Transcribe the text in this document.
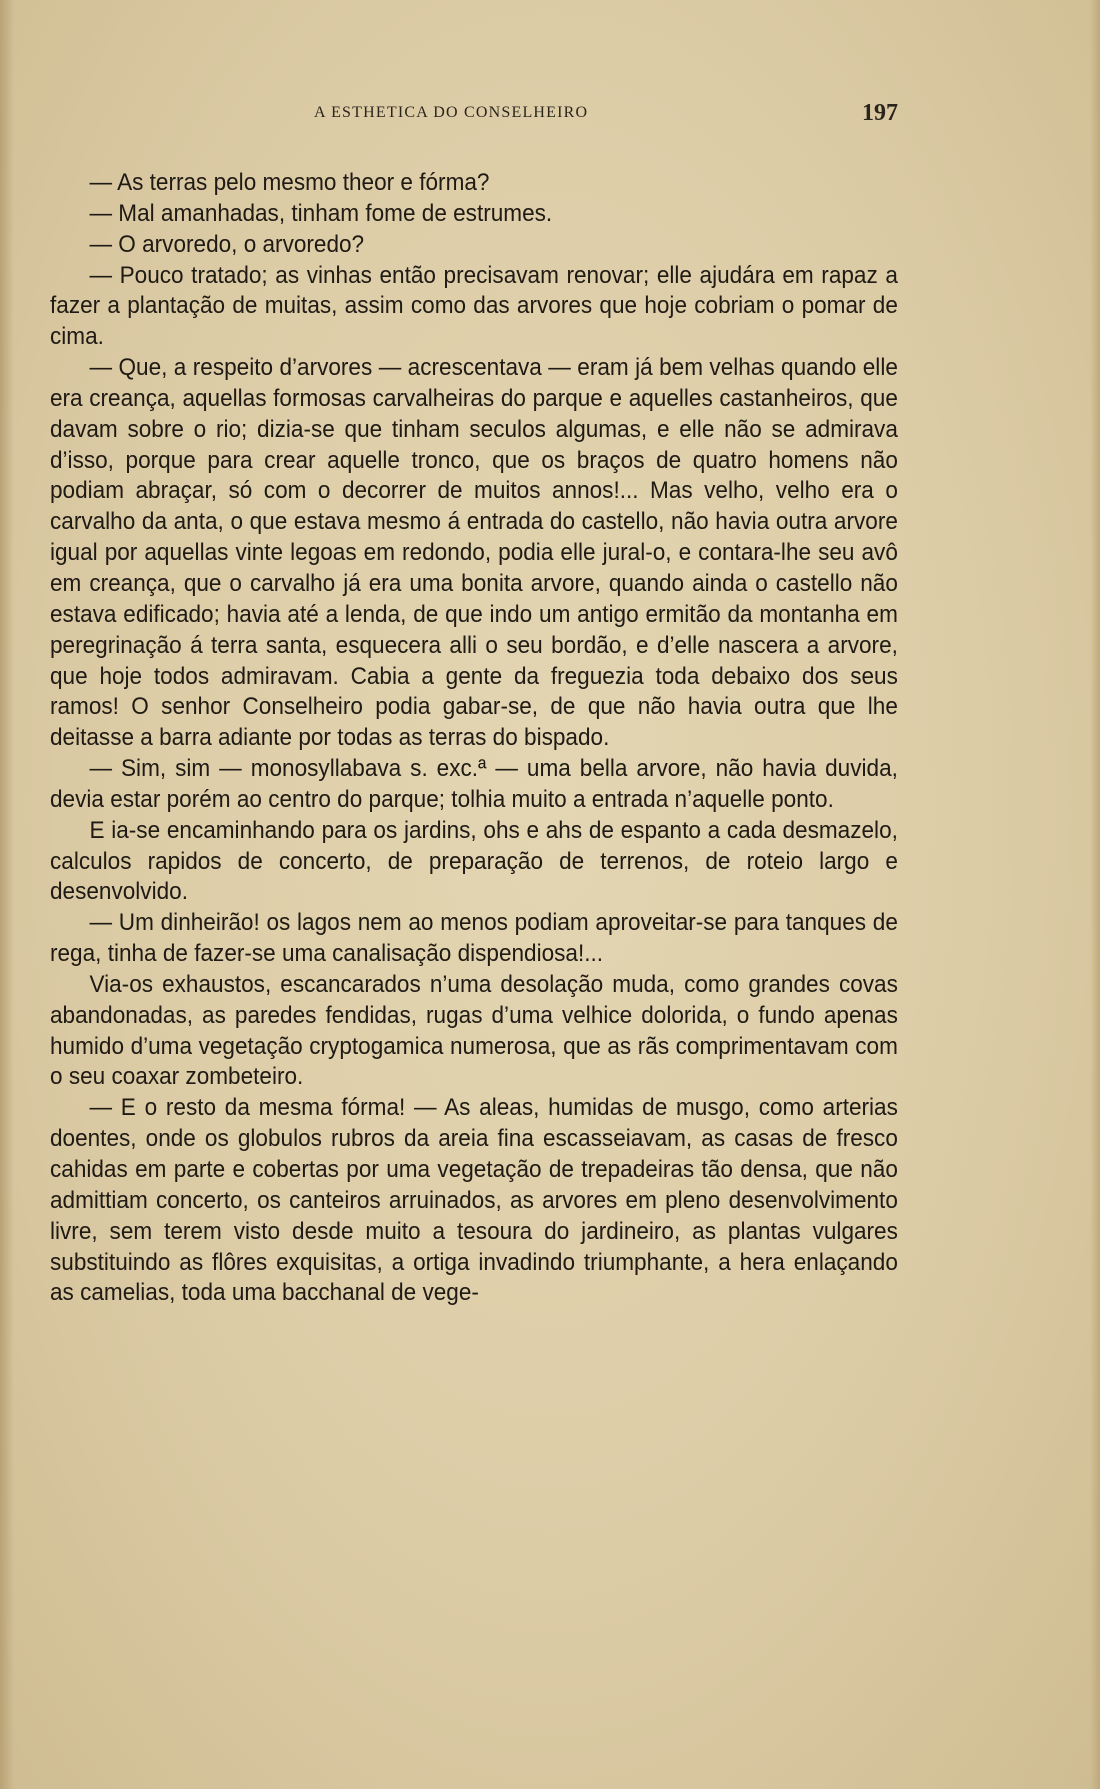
A ESTHETICA DO CONSELHEIRO	197

— As terras pelo mesmo theor e fórma?

— Mal amanhadas, tinham fome de estrumes.

— O arvoredo, o arvoredo?

— Pouco tratado; as vinhas então precisavam renovar; elle ajudára em rapaz a fazer a plantação de muitas, assim como das arvores que hoje cobriam o pomar de cima.

— Que, a respeito d’arvores — acrescentava — eram já bem velhas quando elle era creança, aquellas formosas carvalheiras do parque e aquelles castanheiros, que davam sobre o rio; dizia-se que tinham seculos algumas, e elle não se admirava d’isso, porque para crear aquelle tronco, que os braços de quatro homens não podiam abraçar, só com o decorrer de muitos annos!... Mas velho, velho era o carvalho da anta, o que estava mesmo á entrada do castello, não havia outra arvore igual por aquellas vinte legoas em redondo, podia elle jural-o, e contara-lhe seu avô em creança, que o carvalho já era uma bonita arvore, quando ainda o castello não estava edificado; havia até a lenda, de que indo um antigo ermitão da montanha em peregrinação á terra santa, esquecera alli o seu bordão, e d’elle nascera a arvore, que hoje todos admiravam. Cabia a gente da freguezia toda debaixo dos seus ramos! O senhor Conselheiro podia gabar-se, de que não havia outra que lhe deitasse a barra adiante por todas as terras do bispado.

— Sim, sim — monosyllabava s. exc.ª — uma bella arvore, não havia duvida, devia estar porém ao centro do parque; tolhia muito a entrada n’aquelle ponto.

E ia-se encaminhando para os jardins, ohs e ahs de espanto a cada desmazelo, calculos rapidos de concerto, de preparação de terrenos, de roteio largo e desenvolvido.

— Um dinheirão! os lagos nem ao menos podiam aproveitar-se para tanques de rega, tinha de fazer-se uma canalisação dispendiosa!...

Via-os exhaustos, escancarados n’uma desolação muda, como grandes covas abandonadas, as paredes fendidas, rugas d’uma velhice dolorida, o fundo apenas humido d’uma vegetação cryptogamica numerosa, que as rãs comprimentavam com o seu coaxar zombeteiro.

— E o resto da mesma fórma! — As aleas, humidas de musgo, como arterias doentes, onde os globulos rubros da areia fina escasseiavam, as casas de fresco cahidas em parte e cobertas por uma vegetação de trepadeiras tão densa, que não admittiam concerto, os canteiros arruinados, as arvores em pleno desenvolvimento livre, sem terem visto desde muito a tesoura do jardineiro, as plantas vulgares substituindo as flôres exquisitas, a ortiga invadindo triumphante, a hera enlaçando as camelias, toda uma bacchanal de vege-
